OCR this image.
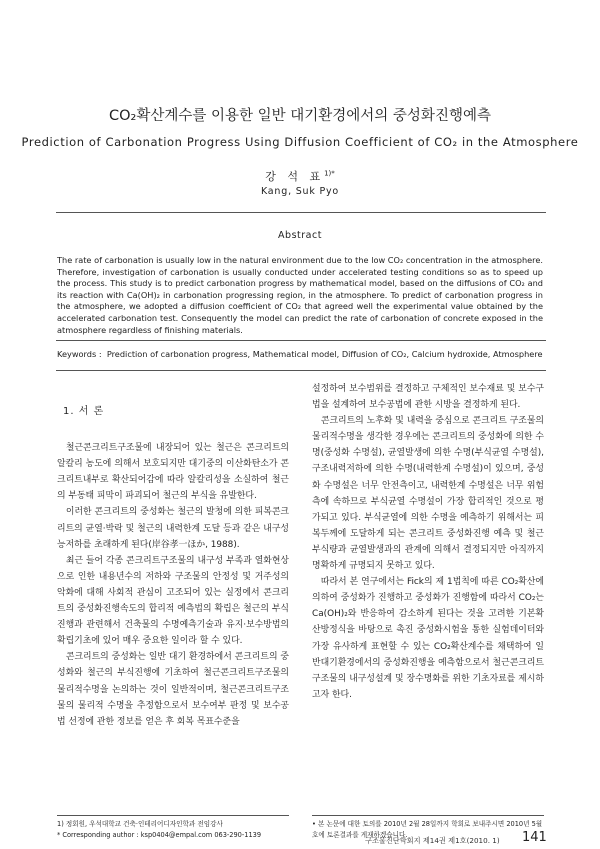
CO₂확산계수를 이용한 일반 대기환경에서의 중성화진행예측
Prediction of Carbonation Progress Using Diffusion Coefficient of CO₂ in the Atmosphere
강 석 표$^{1)*}$
Kang, Suk Pyo
Abstract
The rate of carbonation is usually low in the natural environment due to the low CO₂ concentration in the atmosphere. Therefore, investigation of carbonation is usually conducted under accelerated testing conditions so as to speed up the process. This study is to predict carbonation progress by mathematical model, based on the diffusions of CO₂ and its reaction with Ca(OH)₂ in carbonation progressing region, in the atmosphere. To predict of carbonation progress in the atmosphere, we adopted a diffusion coefficient of CO₂ that agreed well the experimental value obtained by the accelerated carbonation test. Consequently the model can predict the rate of carbonation of concrete exposed in the atmosphere regardless of finishing materials.
Keywords : Prediction of carbonation progress, Mathematical model, Diffusion of CO₂, Calcium hydroxide, Atmosphere
1. 서 론

철근콘크리트구조물에 내장되어 있는 철근은 콘크리트의 알칼리 농도에 의해서 보호되지만 대기중의 이산화탄소가 콘크리트내부로 확산되어감에 따라 알칼리성을 소실하여 철근의 부동태 피막이 파괴되어 철근의 부식을 유발한다.

이러한 콘크리트의 중성화는 철근의 발청에 의한 피복콘크리트의 균열·박락 및 철근의 내력한계 도달 등과 같은 내구성능저하를 초래하게 된다(岸谷孝一ほか, 1988).

최근 들어 각종 콘크리트구조물의 내구성 부족과 열화현상으로 인한 내용년수의 저하와 구조물의 안정성 및 거주성의 악화에 대해 사회적 관심이 고조되어 있는 실정에서 콘크리트의 중성화진행속도의 합리적 예측법의 확립은 철근의 부식진행과 관련해서 건축물의 수명예측기술과 유지·보수방법의 확립기초에 있어 매우 중요한 일이라 할 수 있다.

콘크리트의 중성화는 일반 대기 환경하에서 콘크리트의 중성화와 철근의 부식진행에 기초하여 철근콘크리트구조물의 물리적수명을 논의하는 것이 일반적이며, 철근콘크리트구조물의 물리적 수명을 추정함으로서 보수여부 판정 및 보수공법 선정에 관한 정보를 얻은 후 회복 목표수준을

설정하여 보수범위를 결정하고 구체적인 보수재료 및 보수구법을 설계하여 보수공법에 관한 시방을 결정하게 된다.

콘크리트의 노후화 및 내력을 중심으로 콘크리트 구조물의 물리적수명을 생각한 경우에는 콘크리트의 중성화에 의한 수명(중성화 수명설), 균열발생에 의한 수명(부식균열 수명설), 구조내력저하에 의한 수명(내력한계 수명설)이 있으며, 중성화 수명설은 너무 안전측이고, 내력한계 수명설은 너무 위험측에 속하므로 부식균열 수명설이 가장 합리적인 것으로 평가되고 있다. 부식균열에 의한 수명을 예측하기 위해서는 피복두께에 도달하게 되는 콘크리트 중성화진행 예측 및 철근부식량과 균열발생과의 관계에 의해서 결정되지만 아직까지 명확하게 규명되지 못하고 있다.

따라서 본 연구에서는 Fick의 제 1법칙에 따른 CO₂확산에 의하여 중성화가 진행하고 중성화가 진행함에 따라서 CO₂는 Ca(OH)₂와 반응하여 감소하게 된다는 것을 고려한 기본확산방정식을 바탕으로 촉진 중성화시험을 통한 실험데이터와 가장 유사하게 표현할 수 있는 CO₂확산계수를 채택하여 일반대기환경에서의 중성화진행을 예측함으로서 철근콘크리트구조물의 내구성설계 및 장수명화를 위한 기초자료를 제시하고자 한다.

1) 정회원, 우석대학교 건축·인테리어디자인학과 전임강사
* Corresponding author : ksp0404@empal.com 063-290-1139
• 본 논문에 대한 토의를 2010년 2월 28일까지 학회로 보내주시면 2010년 5월호에 토론결과를 게재하겠습니다.
구조물진단학회지 제14권 제1호(2010. 1) 141
